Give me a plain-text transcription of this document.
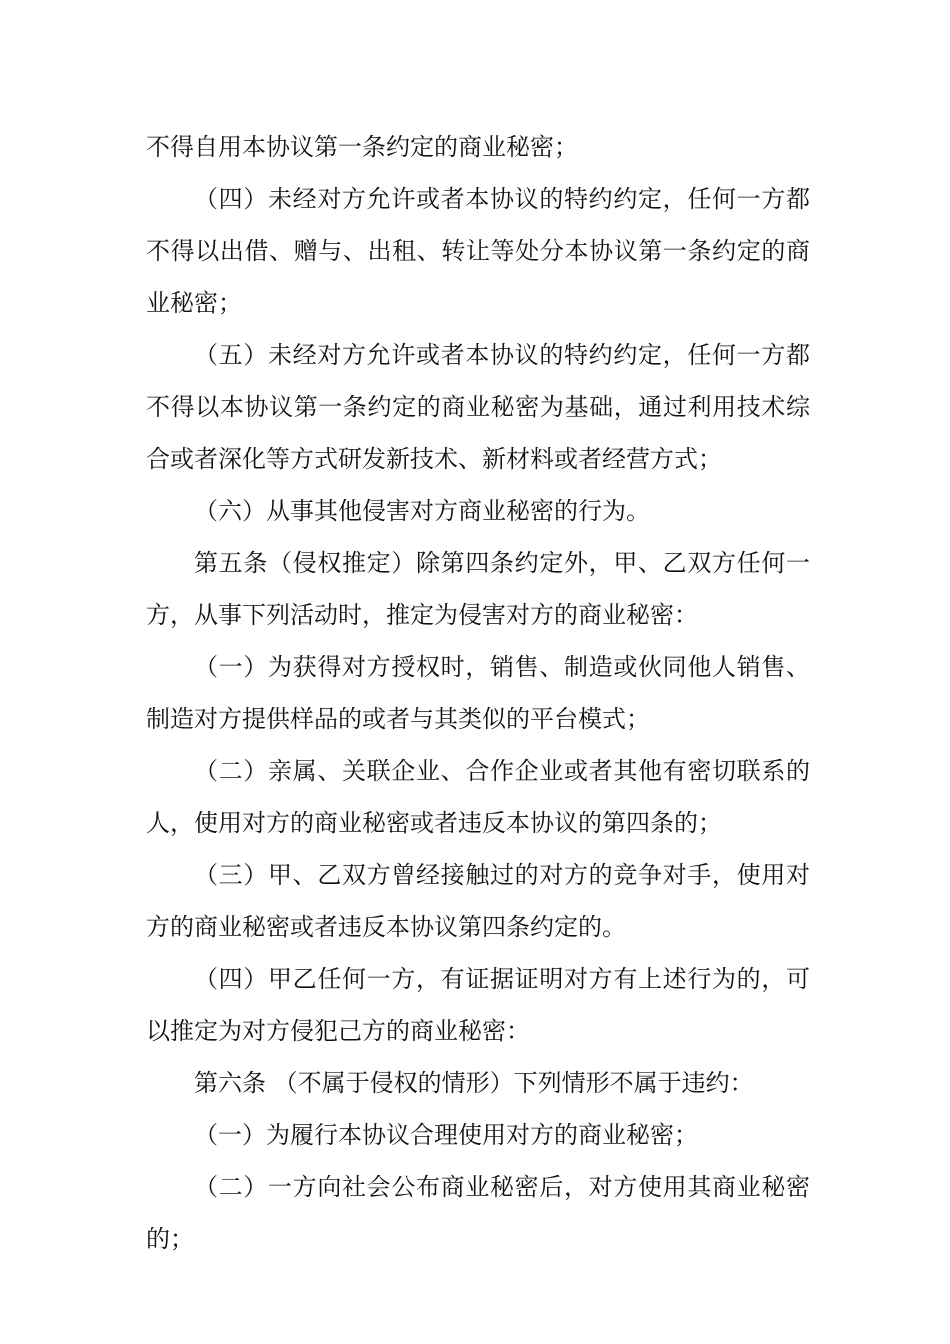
不得自用本协议第一条约定的商业秘密；

（四）未经对方允许或者本协议的特约约定，任何一方都不得以出借、赠与、出租、转让等处分本协议第一条约定的商业秘密；

（五）未经对方允许或者本协议的特约约定，任何一方都不得以本协议第一条约定的商业秘密为基础，通过利用技术综合或者深化等方式研发新技术、新材料或者经营方式；

（六）从事其他侵害对方商业秘密的行为。

第五条（侵权推定）除第四条约定外，甲、乙双方任何一方，从事下列活动时，推定为侵害对方的商业秘密：

（一）为获得对方授权时，销售、制造或伙同他人销售、制造对方提供样品的或者与其类似的平台模式；

（二）亲属、关联企业、合作企业或者其他有密切联系的人，使用对方的商业秘密或者违反本协议的第四条的；

（三）甲、乙双方曾经接触过的对方的竞争对手，使用对方的商业秘密或者违反本协议第四条约定的。

（四）甲乙任何一方，有证据证明对方有上述行为的，可以推定为对方侵犯己方的商业秘密：

第六条 （不属于侵权的情形）下列情形不属于违约：

（一）为履行本协议合理使用对方的商业秘密；

（二）一方向社会公布商业秘密后，对方使用其商业秘密的；
